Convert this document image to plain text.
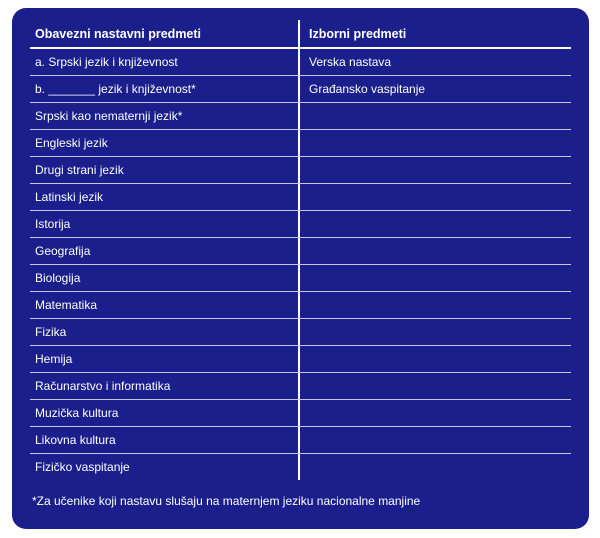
Obavezni nastavni predmeti	Izborni predmeti
a. Srpski jezik i književnost	Verska nastava
b. _______ jezik i književnost*	Građansko vaspitanje
Srpski kao nematernji jezik*
Engleski jezik
Drugi strani jezik
Latinski jezik
Istorija
Geografija
Biologija
Matematika
Fizika
Hemija
Računarstvo i informatika
Muzička kultura
Likovna kultura
Fizičko vaspitanje
*Za učenike koji nastavu slušaju na maternjem jeziku nacionalne manjine
